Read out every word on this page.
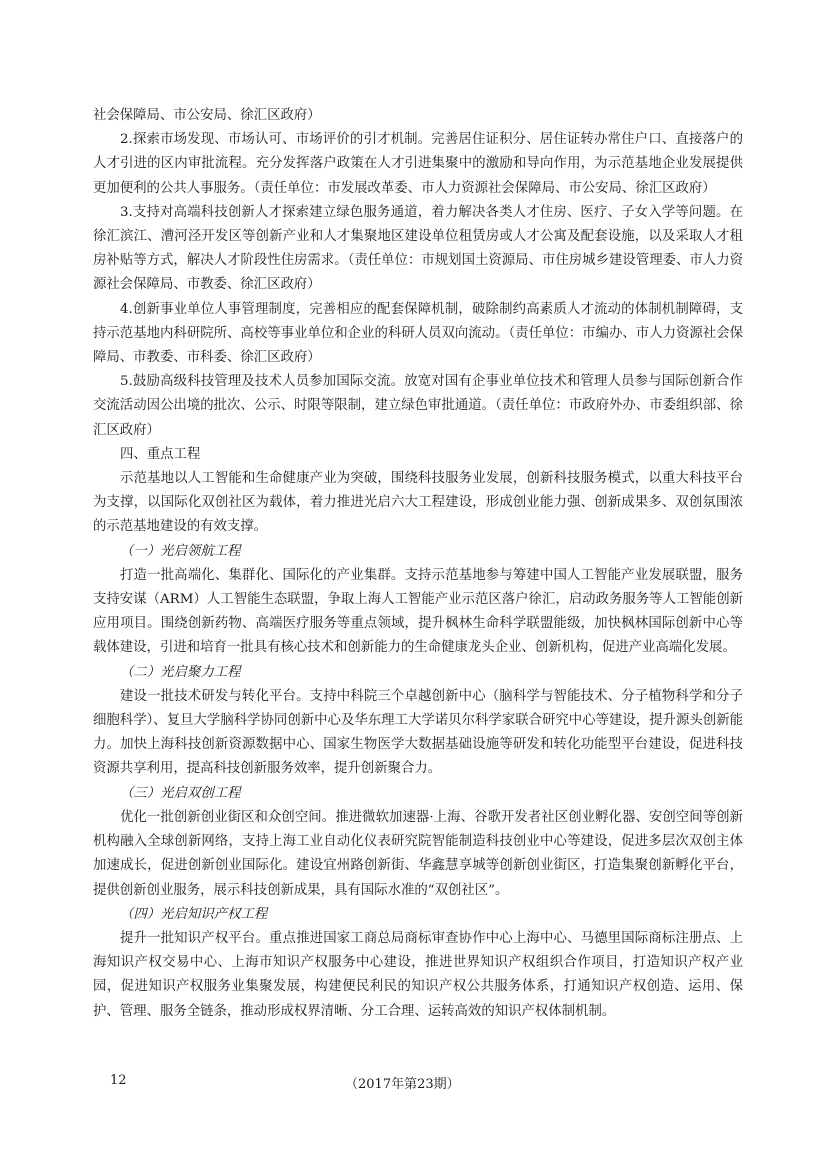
社会保障局、市公安局、徐汇区政府）

2.探索市场发现、市场认可、市场评价的引才机制。完善居住证积分、居住证转办常住户口、直接落户的人才引进的区内审批流程。充分发挥落户政策在人才引进集聚中的激励和导向作用，为示范基地企业发展提供更加便利的公共人事服务。（责任单位：市发展改革委、市人力资源社会保障局、市公安局、徐汇区政府）

3.支持对高端科技创新人才探索建立绿色服务通道，着力解决各类人才住房、医疗、子女入学等问题。在徐汇滨江、漕河泾开发区等创新产业和人才集聚地区建设单位租赁房或人才公寓及配套设施，以及采取人才租房补贴等方式，解决人才阶段性住房需求。（责任单位：市规划国土资源局、市住房城乡建设管理委、市人力资源社会保障局、市教委、徐汇区政府）

4.创新事业单位人事管理制度，完善相应的配套保障机制，破除制约高素质人才流动的体制机制障碍，支持示范基地内科研院所、高校等事业单位和企业的科研人员双向流动。（责任单位：市编办、市人力资源社会保障局、市教委、市科委、徐汇区政府）

5.鼓励高级科技管理及技术人员参加国际交流。放宽对国有企事业单位技术和管理人员参与国际创新合作交流活动因公出境的批次、公示、时限等限制，建立绿色审批通道。（责任单位：市政府外办、市委组织部、徐汇区政府）

四、重点工程

示范基地以人工智能和生命健康产业为突破，围绕科技服务业发展，创新科技服务模式，以重大科技平台为支撑，以国际化双创社区为载体，着力推进光启六大工程建设，形成创业能力强、创新成果多、双创氛围浓的示范基地建设的有效支撑。

（一）光启领航工程

打造一批高端化、集群化、国际化的产业集群。支持示范基地参与筹建中国人工智能产业发展联盟，服务支持安谋（ARM）人工智能生态联盟，争取上海人工智能产业示范区落户徐汇，启动政务服务等人工智能创新应用项目。围绕创新药物、高端医疗服务等重点领域，提升枫林生命科学联盟能级，加快枫林国际创新中心等载体建设，引进和培育一批具有核心技术和创新能力的生命健康龙头企业、创新机构，促进产业高端化发展。

（二）光启聚力工程

建设一批技术研发与转化平台。支持中科院三个卓越创新中心（脑科学与智能技术、分子植物科学和分子细胞科学）、复旦大学脑科学协同创新中心及华东理工大学诺贝尔科学家联合研究中心等建设，提升源头创新能力。加快上海科技创新资源数据中心、国家生物医学大数据基础设施等研发和转化功能型平台建设，促进科技资源共享利用，提高科技创新服务效率，提升创新聚合力。

（三）光启双创工程

优化一批创新创业街区和众创空间。推进微软加速器·上海、谷歌开发者社区创业孵化器、安创空间等创新机构融入全球创新网络，支持上海工业自动化仪表研究院智能制造科技创业中心等建设，促进多层次双创主体加速成长，促进创新创业国际化。建设宜州路创新街、华鑫慧享城等创新创业街区，打造集聚创新孵化平台，提供创新创业服务，展示科技创新成果，具有国际水准的“双创社区”。

（四）光启知识产权工程

提升一批知识产权平台。重点推进国家工商总局商标审查协作中心上海中心、马德里国际商标注册点、上海知识产权交易中心、上海市知识产权服务中心建设，推进世界知识产权组织合作项目，打造知识产权产业园，促进知识产权服务业集聚发展，构建便民利民的知识产权公共服务体系，打通知识产权创造、运用、保护、管理、服务全链条，推动形成权界清晰、分工合理、运转高效的知识产权体制机制。

12	（2017年第23期）
